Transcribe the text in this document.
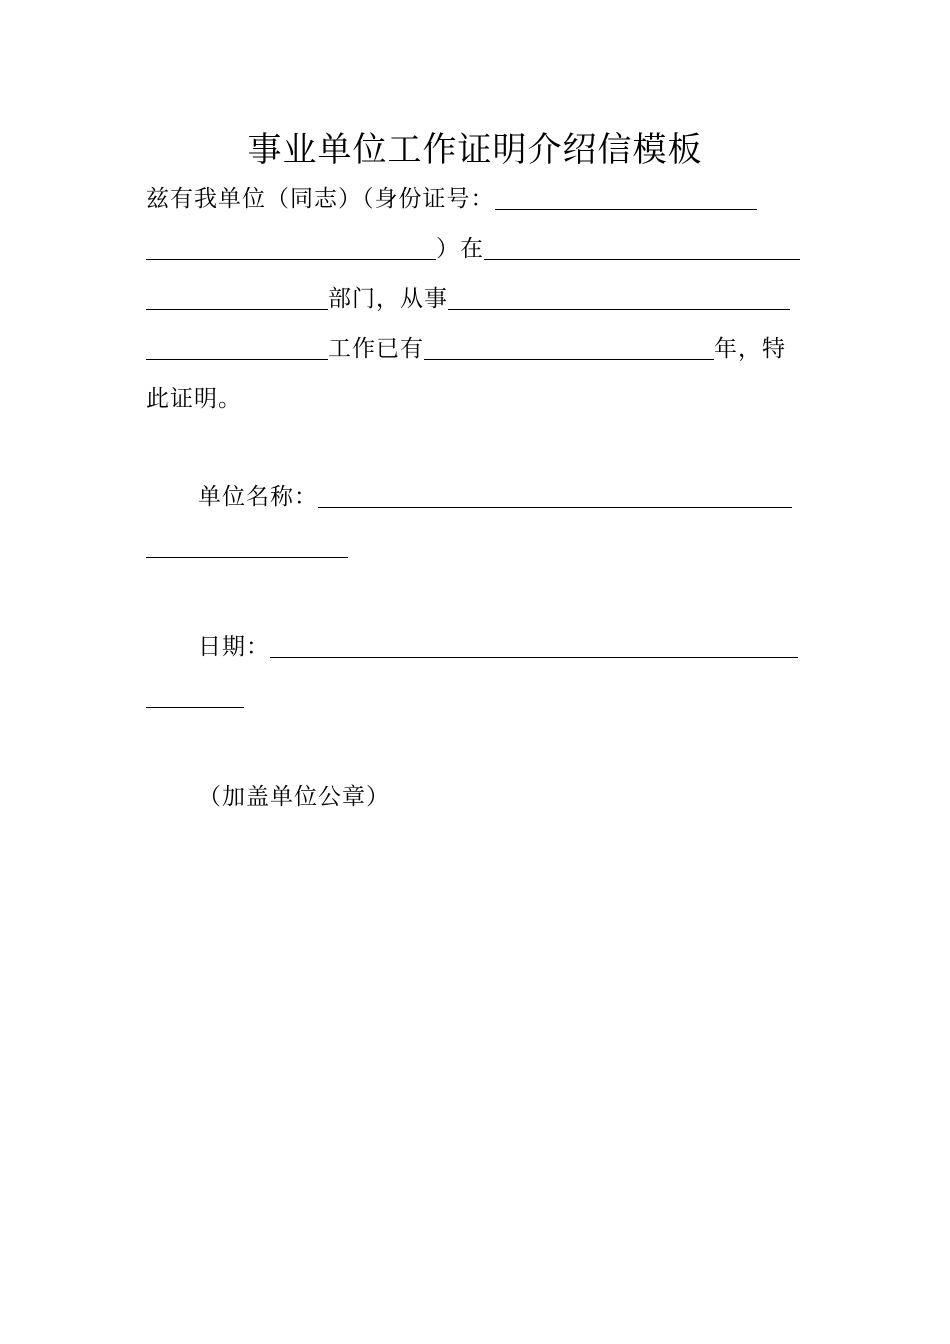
事业单位工作证明介绍信模板
兹有我单位（同志）（身份证号：
）在
部门，从事
工作已有	年，特
此证明。
单位名称：
日期：
（加盖单位公章）
